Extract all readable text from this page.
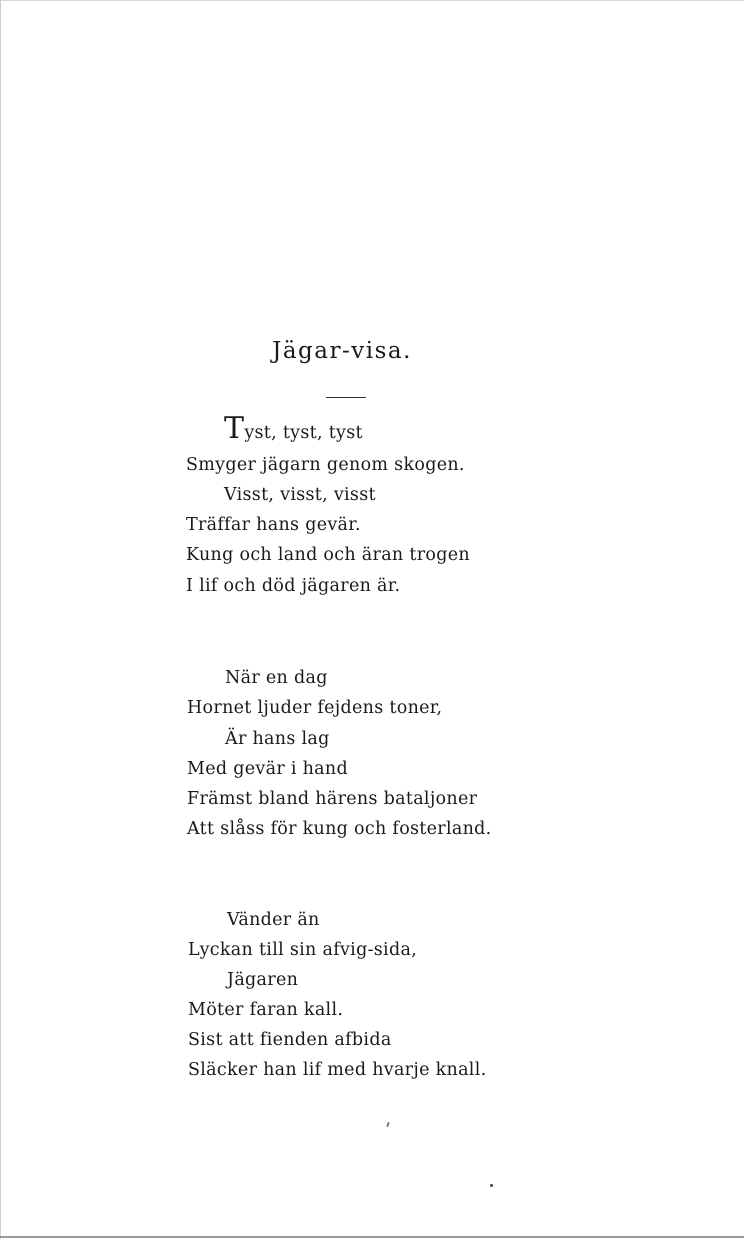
Jägar-visa.
Tyst, tyst, tyst
Smyger jägarn genom skogen.
Visst, visst, visst
Träffar hans gevär.
Kung och land och äran trogen
I lif och död jägaren är.
När en dag
Hornet ljuder fejdens toner,
Är hans lag
Med gevär i hand
Främst bland härens bataljoner
Att slåss för kung och fosterland.
Vänder än
Lyckan till sin afvig-sida,
Jägaren
Möter faran kall.
Sist att fienden afbida
Släcker han lif med hvarje knall.
